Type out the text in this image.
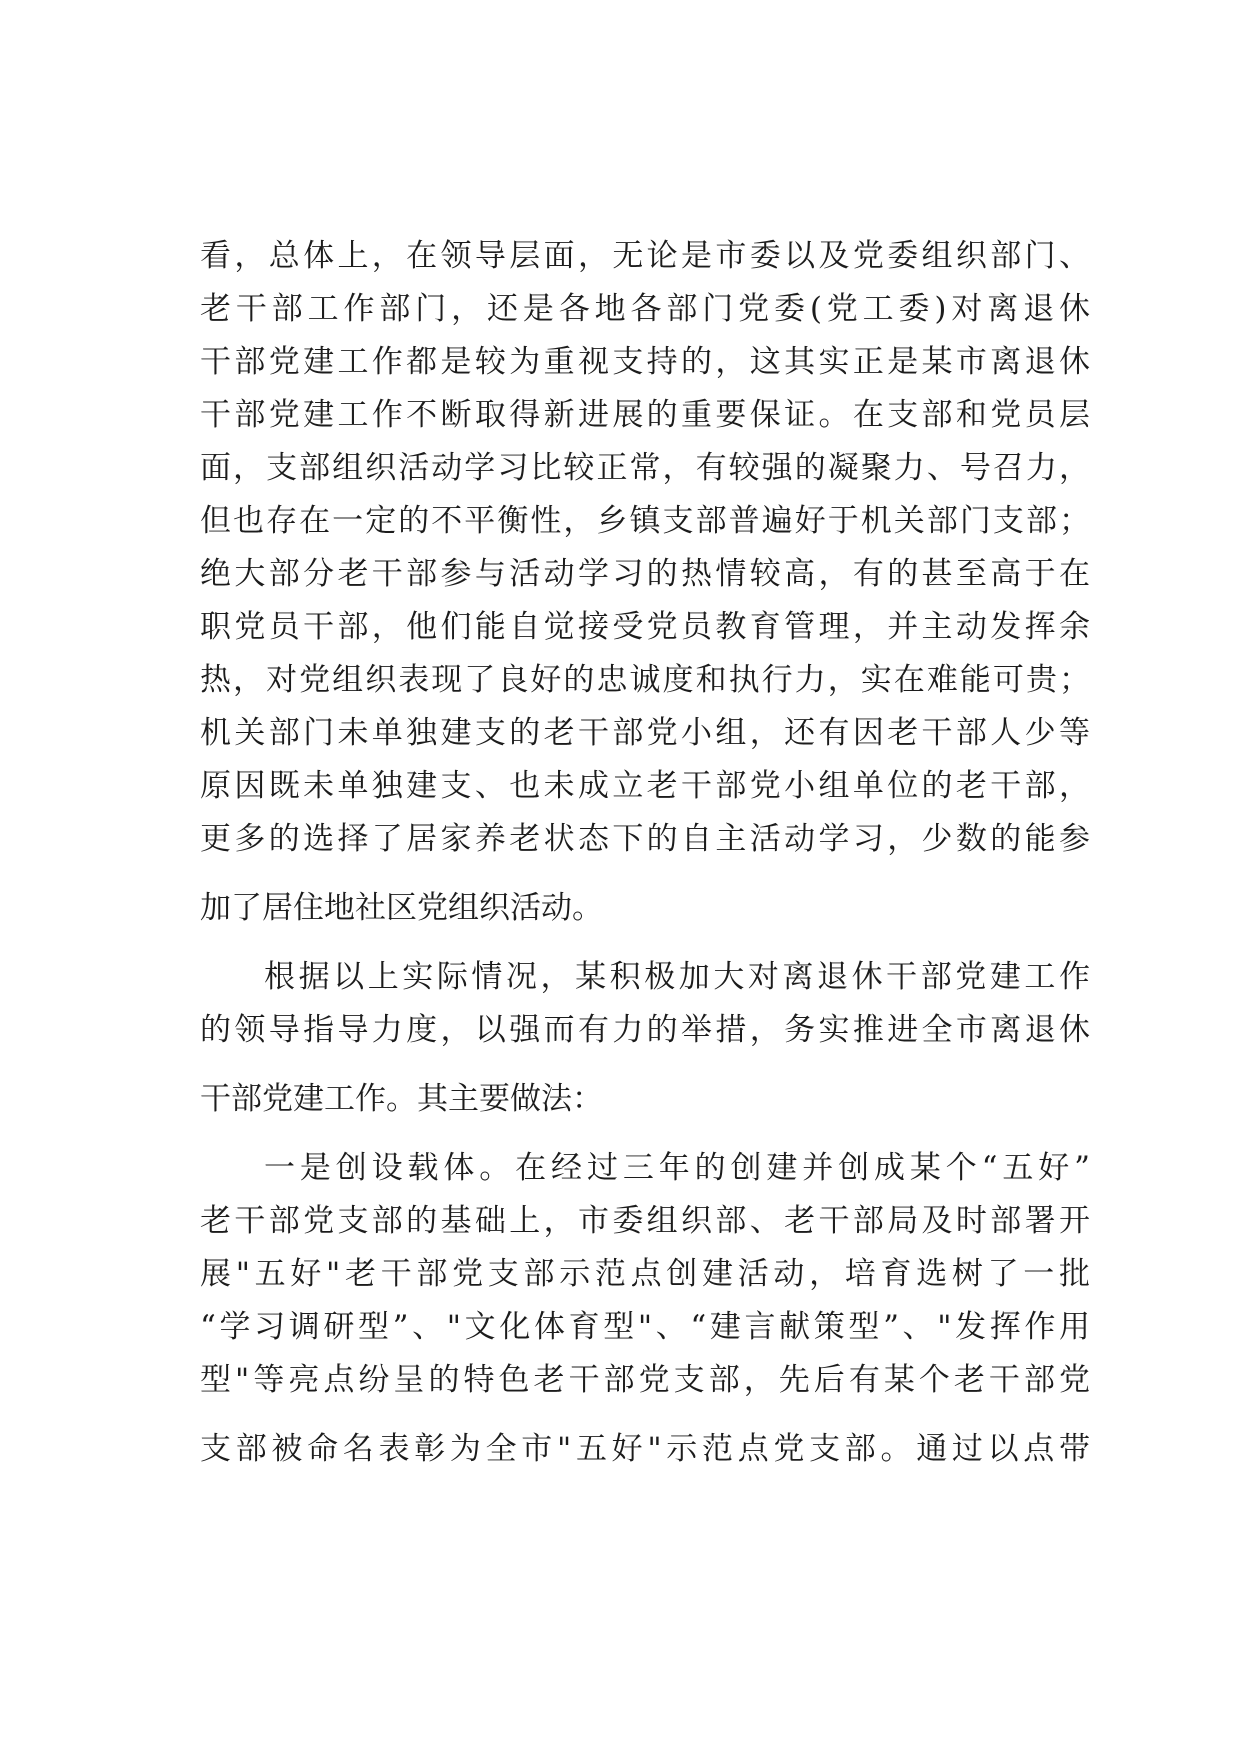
看，总体上，在领导层面，无论是市委以及党委组织部门、
老干部工作部门，还是各地各部门党委(党工委)对离退休
干部党建工作都是较为重视支持的，这其实正是某市离退休
干部党建工作不断取得新进展的重要保证。在支部和党员层
面，支部组织活动学习比较正常，有较强的凝聚力、号召力，
但也存在一定的不平衡性，乡镇支部普遍好于机关部门支部；
绝大部分老干部参与活动学习的热情较高，有的甚至高于在
职党员干部，他们能自觉接受党员教育管理，并主动发挥余
热，对党组织表现了良好的忠诚度和执行力，实在难能可贵；
机关部门未单独建支的老干部党小组，还有因老干部人少等
原因既未单独建支、也未成立老干部党小组单位的老干部，
更多的选择了居家养老状态下的自主活动学习，少数的能参
加了居住地社区党组织活动。
根据以上实际情况，某积极加大对离退休干部党建工作
的领导指导力度，以强而有力的举措，务实推进全市离退休
干部党建工作。其主要做法：
一是创设载体。在经过三年的创建并创成某个“五好”
老干部党支部的基础上，市委组织部、老干部局及时部署开
展"五好"老干部党支部示范点创建活动，培育选树了一批
“学习调研型”、"文化体育型"、“建言献策型”、"发挥作用
型"等亮点纷呈的特色老干部党支部，先后有某个老干部党
支部被命名表彰为全市"五好"示范点党支部。通过以点带
